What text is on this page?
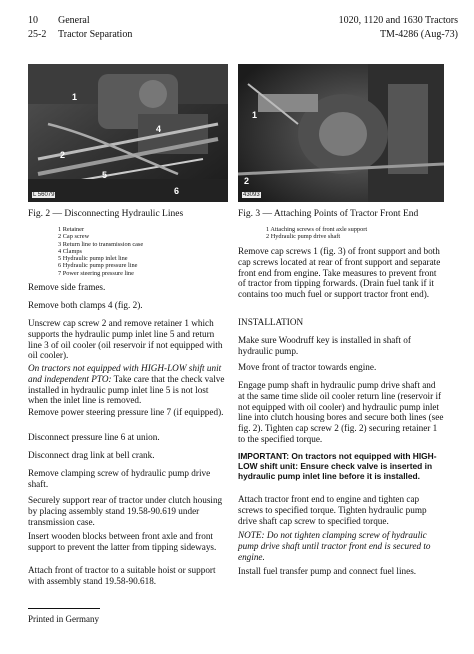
10 General
25-2 Tractor Separation
1020, 1120 and 1630 Tractors
TM-4286 (Aug-73)
1
2
4
5
6
L 56079
1
2
43093
Fig. 2 — Disconnecting Hydraulic Lines
1 Retainer
2 Cap screw
3 Return line to transmission case
4 Clamps
5 Hydraulic pump inlet line
6 Hydraulic pump pressure line
7 Power steering pressure line
Fig. 3 — Attaching Points of Tractor Front End
1 Attaching screws of front axle support
2 Hydraulic pump drive shaft

Remove side frames.

Remove both clamps 4 (fig. 2).

Unscrew cap screw 2 and remove retainer 1 which supports the hydraulic pump inlet line 5 and return line 3 of oil cooler (oil reservoir if not equipped with oil cooler).

On tractors not equipped with HIGH-LOW shift unit and independent PTO: Take care that the check valve installed in hydraulic pump inlet line 5 is not lost when the inlet line is removed.

Remove power steering pressure line 7 (if equipped).

Disconnect pressure line 6 at union.

Disconnect drag link at bell crank.

Remove clamping screw of hydraulic pump drive shaft.

Securely support rear of tractor under clutch housing by placing assembly stand 19.58-90.619 under transmission case.

Insert wooden blocks between front axle and front support to prevent the latter from tipping sideways.

Attach front of tractor to a suitable hoist or support with assembly stand 19.58-90.618.

Remove cap screws 1 (fig. 3) of front support and both cap screws located at rear of front support and separate front end from engine. Take measures to prevent front of tractor from tipping forwards. (Drain fuel tank if it contains too much fuel or support tractor front end).

INSTALLATION

Make sure Woodruff key is installed in shaft of hydraulic pump.

Move front of tractor towards engine.

Engage pump shaft in hydraulic pump drive shaft and at the same time slide oil cooler return line (reservoir if not equipped with oil cooler) and hydraulic pump inlet line into clutch housing bores and secure both lines (see fig. 2). Tighten cap screw 2 (fig. 2) securing retainer 1 to the specified torque.

IMPORTANT: On tractors not equipped with HIGH-LOW shift unit: Ensure check valve is inserted in hydraulic pump inlet line before it is installed.

Attach tractor front end to engine and tighten cap screws to specified torque. Tighten hydraulic pump drive shaft cap screw to specified torque.

NOTE: Do not tighten clamping screw of hydraulic pump drive shaft until tractor front end is secured to engine.

Install fuel transfer pump and connect fuel lines.

Printed in Germany
